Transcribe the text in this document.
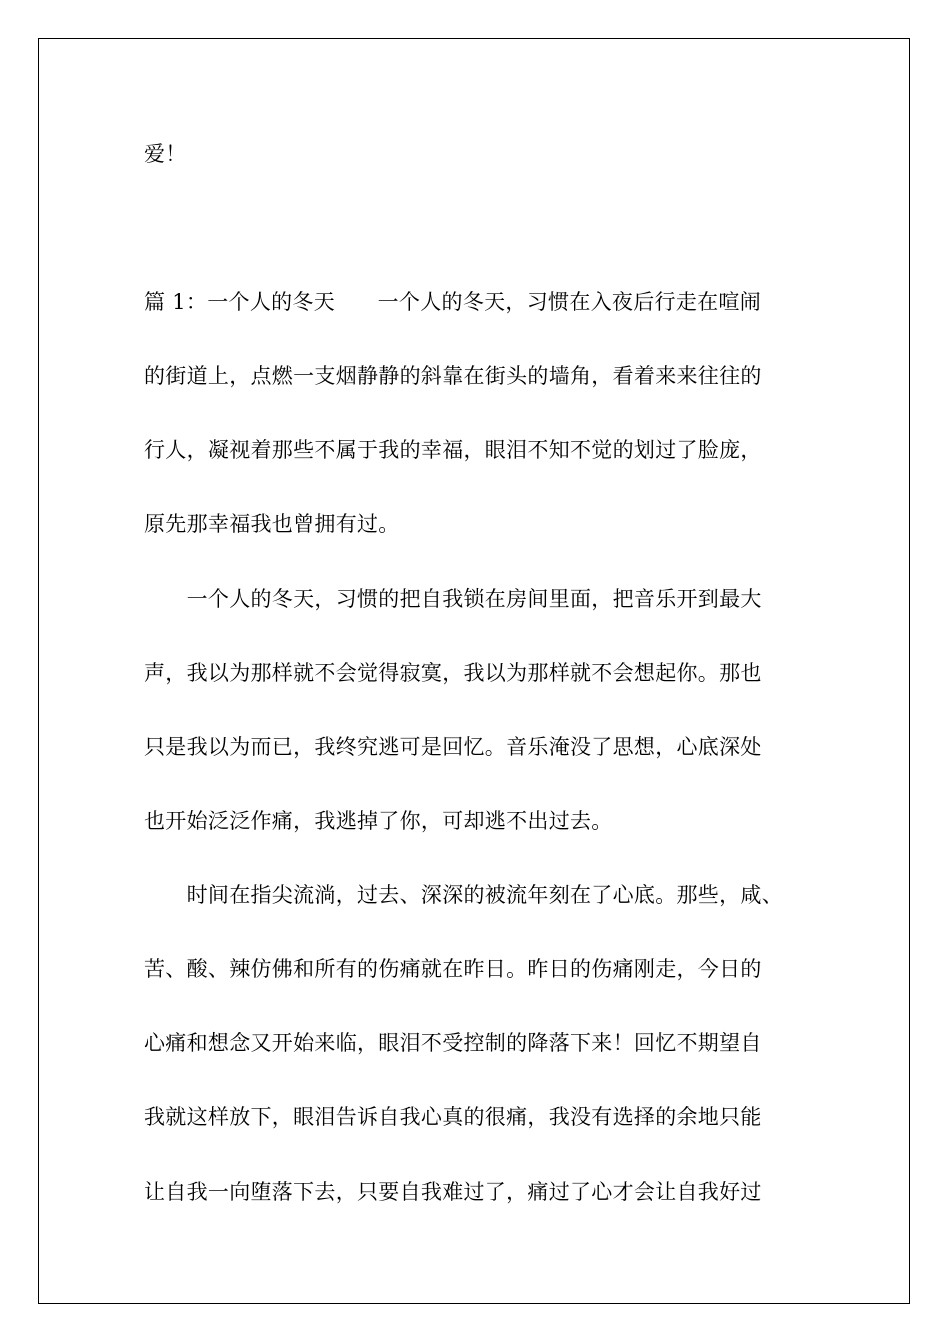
爱！
篇 1：一个人的冬天　　一个人的冬天，习惯在入夜后行走在喧闹
的街道上，点燃一支烟静静的斜靠在街头的墙角，看着来来往往的
行人，凝视着那些不属于我的幸福，眼泪不知不觉的划过了脸庞，
原先那幸福我也曾拥有过。
　　一个人的冬天，习惯的把自我锁在房间里面，把音乐开到最大
声，我以为那样就不会觉得寂寞，我以为那样就不会想起你。那也
只是我以为而已，我终究逃可是回忆。音乐淹没了思想，心底深处
也开始泛泛作痛，我逃掉了你，可却逃不出过去。
　　时间在指尖流淌，过去、深深的被流年刻在了心底。那些，咸、
苦、酸、辣仿佛和所有的伤痛就在昨日。昨日的伤痛刚走，今日的
心痛和想念又开始来临，眼泪不受控制的降落下来！回忆不期望自
我就这样放下，眼泪告诉自我心真的很痛，我没有选择的余地只能
让自我一向堕落下去，只要自我难过了，痛过了心才会让自我好过
